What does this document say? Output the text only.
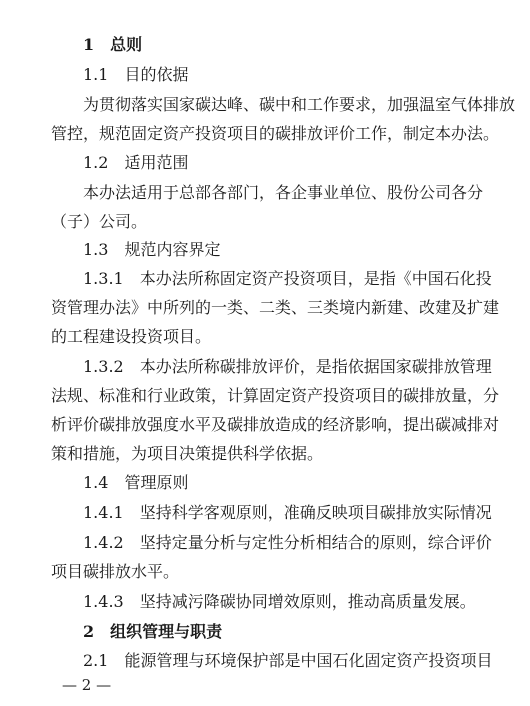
1　总则
1.1　目的依据
为贯彻落实国家碳达峰、碳中和工作要求，加强温室气体排放
管控，规范固定资产投资项目的碳排放评价工作，制定本办法。
1.2　适用范围
本办法适用于总部各部门，各企事业单位、股份公司各分
（子）公司。
1.3　规范内容界定
1.3.1　本办法所称固定资产投资项目，是指《中国石化投
资管理办法》中所列的一类、二类、三类境内新建、改建及扩建
的工程建设投资项目。
1.3.2　本办法所称碳排放评价，是指依据国家碳排放管理
法规、标准和行业政策，计算固定资产投资项目的碳排放量，分
析评价碳排放强度水平及碳排放造成的经济影响，提出碳减排对
策和措施，为项目决策提供科学依据。
1.4　管理原则
1.4.1　坚持科学客观原则，准确反映项目碳排放实际情况
1.4.2　坚持定量分析与定性分析相结合的原则，综合评价
项目碳排放水平。
1.4.3　坚持减污降碳协同增效原则，推动高质量发展。
2　组织管理与职责
2.1　能源管理与环境保护部是中国石化固定资产投资项目
— 2 —
